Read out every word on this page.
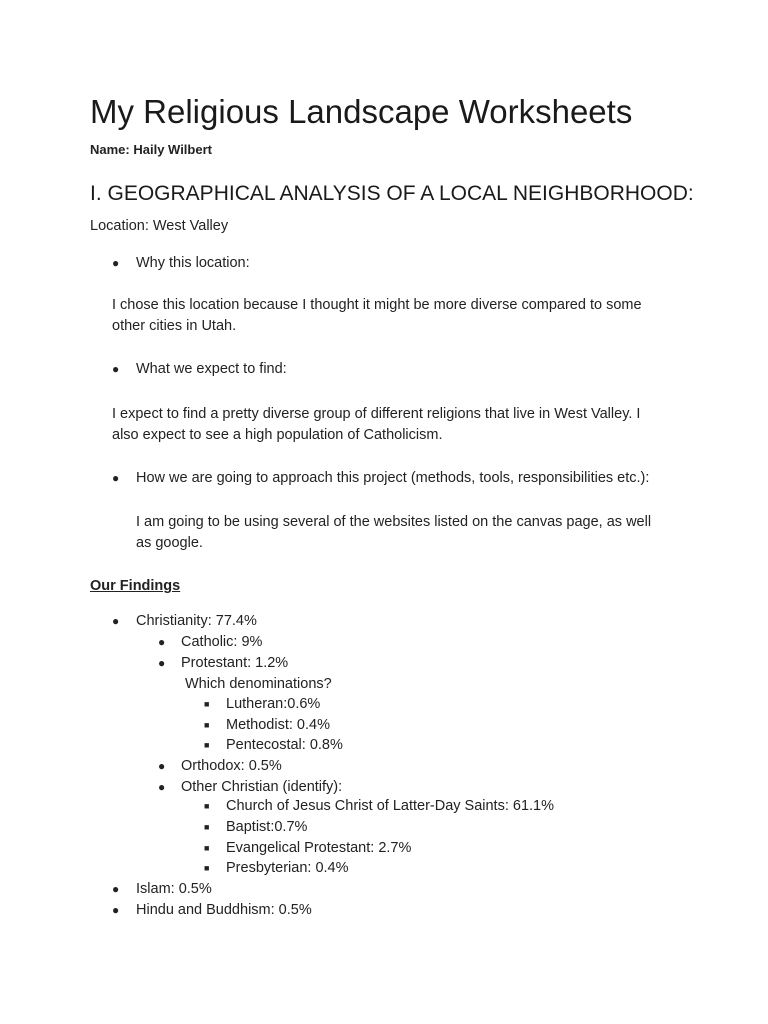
My Religious Landscape Worksheets
Name: Haily Wilbert
I. GEOGRAPHICAL ANALYSIS OF A LOCAL NEIGHBORHOOD:
Location: West Valley
● Why this location:
I chose this location because I thought it might be more diverse compared to some
other cities in Utah.
● What we expect to find:
I expect to find a pretty diverse group of different religions that live in West Valley. I
also expect to see a high population of Catholicism.
● How we are going to approach this project (methods, tools, responsibilities etc.):
I am going to be using several of the websites listed on the canvas page, as well
as google.
Our Findings
● Christianity: 77.4%
● Catholic: 9%
● Protestant: 1.2%
Which denominations?
■ Lutheran:0.6%
■ Methodist: 0.4%
■ Pentecostal: 0.8%
● Orthodox: 0.5%
● Other Christian (identify):
■ Church of Jesus Christ of Latter-Day Saints: 61.1%
■ Baptist:0.7%
■ Evangelical Protestant: 2.7%
■ Presbyterian: 0.4%
● Islam: 0.5%
● Hindu and Buddhism: 0.5%
